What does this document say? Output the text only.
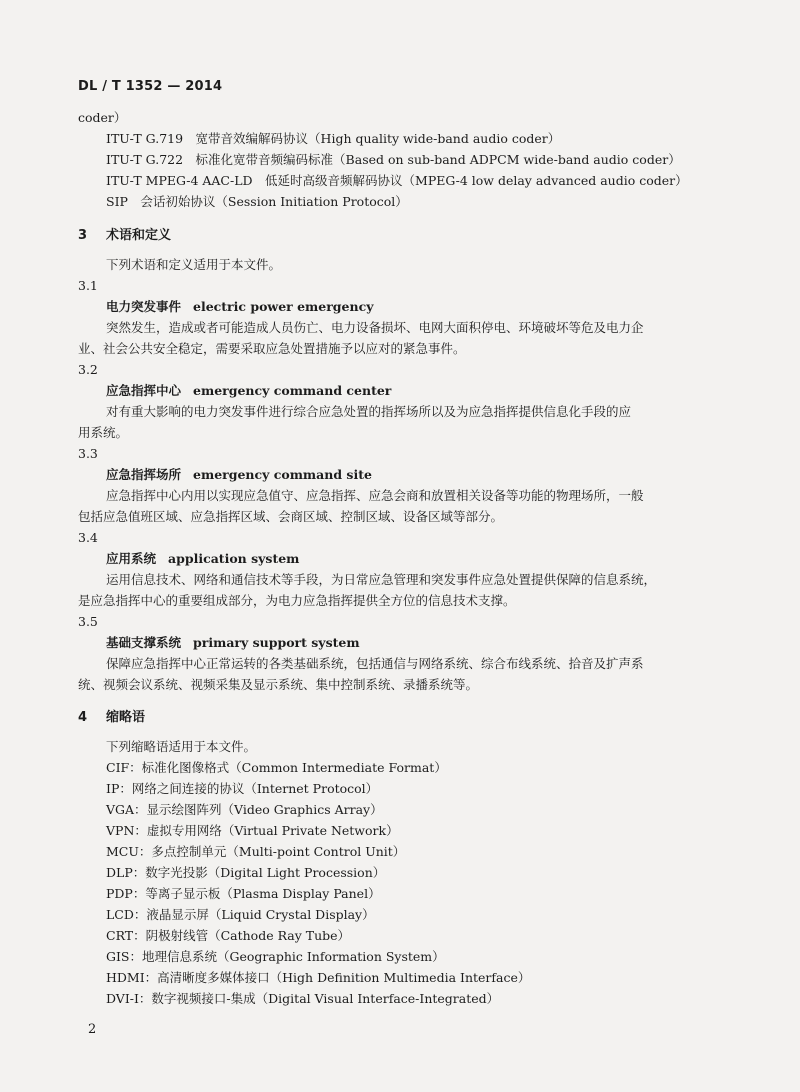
DL / T 1352 — 2014
coder）
ITU-T G.719　宽带音效编解码协议（High quality wide-band audio coder）
ITU-T G.722　标准化宽带音频编码标准（Based on sub-band ADPCM wide-band audio coder）
ITU-T MPEG-4 AAC-LD　低延时高级音频解码协议（MPEG-4 low delay advanced audio coder）
SIP　会话初始协议（Session Initiation Protocol）
3 术语和定义
下列术语和定义适用于本文件。
3.1
电力突发事件 electric power emergency
突然发生，造成或者可能造成人员伤亡、电力设备损坏、电网大面积停电、环境破坏等危及电力企
业、社会公共安全稳定，需要采取应急处置措施予以应对的紧急事件。
3.2
应急指挥中心 emergency command center
对有重大影响的电力突发事件进行综合应急处置的指挥场所以及为应急指挥提供信息化手段的应
用系统。
3.3
应急指挥场所 emergency command site
应急指挥中心内用以实现应急值守、应急指挥、应急会商和放置相关设备等功能的物理场所，一般
包括应急值班区域、应急指挥区域、会商区域、控制区域、设备区域等部分。
3.4
应用系统 application system
运用信息技术、网络和通信技术等手段，为日常应急管理和突发事件应急处置提供保障的信息系统，
是应急指挥中心的重要组成部分，为电力应急指挥提供全方位的信息技术支撑。
3.5
基础支撑系统 primary support system
保障应急指挥中心正常运转的各类基础系统，包括通信与网络系统、综合布线系统、拾音及扩声系
统、视频会议系统、视频采集及显示系统、集中控制系统、录播系统等。
4 缩略语
下列缩略语适用于本文件。
CIF：标准化图像格式（Common Intermediate Format）
IP：网络之间连接的协议（Internet Protocol）
VGA：显示绘图阵列（Video Graphics Array）
VPN：虚拟专用网络（Virtual Private Network）
MCU：多点控制单元（Multi-point Control Unit）
DLP：数字光投影（Digital Light Procession）
PDP：等离子显示板（Plasma Display Panel）
LCD：液晶显示屏（Liquid Crystal Display）
CRT：阴极射线管（Cathode Ray Tube）
GIS：地理信息系统（Geographic Information System）
HDMI：高清晰度多媒体接口（High Definition Multimedia Interface）
DVI-I：数字视频接口-集成（Digital Visual Interface-Integrated）
2
